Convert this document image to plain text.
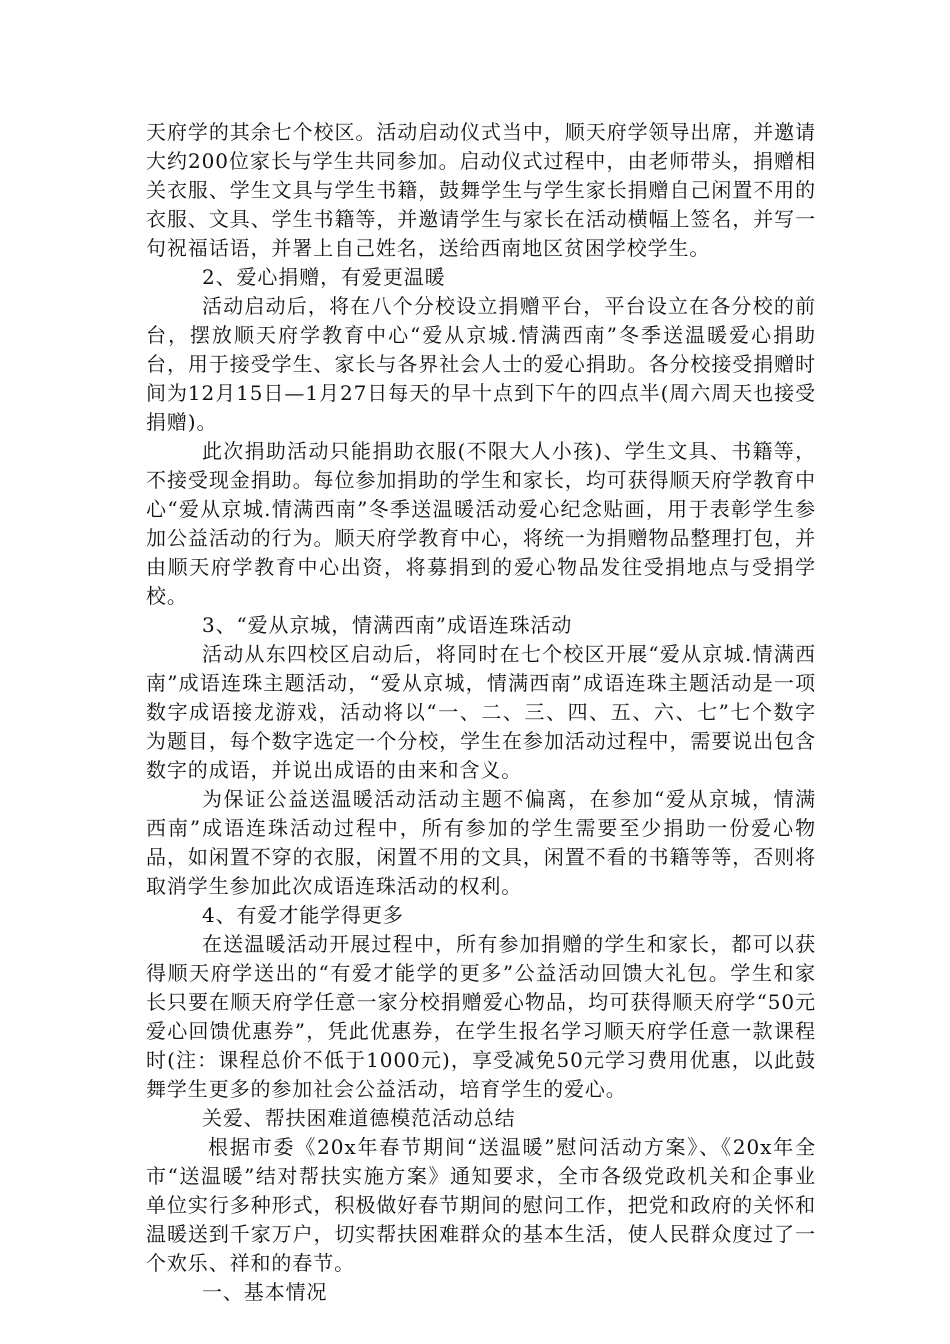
天府学的其余七个校区。活动启动仪式当中，顺天府学领导出席，并邀请大约200位家长与学生共同参加。启动仪式过程中，由老师带头，捐赠相关衣服、学生文具与学生书籍，鼓舞学生与学生家长捐赠自己闲置不用的衣服、文具、学生书籍等，并邀请学生与家长在活动横幅上签名，并写一句祝福话语，并署上自己姓名，送给西南地区贫困学校学生。

2、爱心捐赠，有爱更温暖

活动启动后，将在八个分校设立捐赠平台，平台设立在各分校的前台，摆放顺天府学教育中心“爱从京城.情满西南”冬季送温暖爱心捐助台，用于接受学生、家长与各界社会人士的爱心捐助。各分校接受捐赠时间为12月15日—1月27日每天的早十点到下午的四点半(周六周天也接受捐赠)。

此次捐助活动只能捐助衣服(不限大人小孩)、学生文具、书籍等，不接受现金捐助。每位参加捐助的学生和家长，均可获得顺天府学教育中心“爱从京城.情满西南”冬季送温暖活动爱心纪念贴画，用于表彰学生参加公益活动的行为。顺天府学教育中心，将统一为捐赠物品整理打包，并由顺天府学教育中心出资，将募捐到的爱心物品发往受捐地点与受捐学校。

3、“爱从京城，情满西南”成语连珠活动

活动从东四校区启动后，将同时在七个校区开展“爱从京城.情满西南”成语连珠主题活动，“爱从京城，情满西南”成语连珠主题活动是一项数字成语接龙游戏，活动将以“一、二、三、四、五、六、七”七个数字为题目，每个数字选定一个分校，学生在参加活动过程中，需要说出包含数字的成语，并说出成语的由来和含义。

为保证公益送温暖活动活动主题不偏离，在参加“爱从京城，情满西南”成语连珠活动过程中，所有参加的学生需要至少捐助一份爱心物品，如闲置不穿的衣服，闲置不用的文具，闲置不看的书籍等等，否则将取消学生参加此次成语连珠活动的权利。

4、有爱才能学得更多

在送温暖活动开展过程中，所有参加捐赠的学生和家长，都可以获得顺天府学送出的“有爱才能学的更多”公益活动回馈大礼包。学生和家长只要在顺天府学任意一家分校捐赠爱心物品，均可获得顺天府学“50元爱心回馈优惠券”，凭此优惠券，在学生报名学习顺天府学任意一款课程时(注：课程总价不低于1000元)，享受减免50元学习费用优惠，以此鼓舞学生更多的参加社会公益活动，培育学生的爱心。

关爱、帮扶困难道德模范活动总结

根据市委《20x年春节期间“送温暖”慰问活动方案》、《20x年全市“送温暖”结对帮扶实施方案》通知要求，全市各级党政机关和企事业单位实行多种形式，积极做好春节期间的慰问工作，把党和政府的关怀和温暖送到千家万户，切实帮扶困难群众的基本生活，使人民群众度过了一个欢乐、祥和的春节。

一、基本情况
